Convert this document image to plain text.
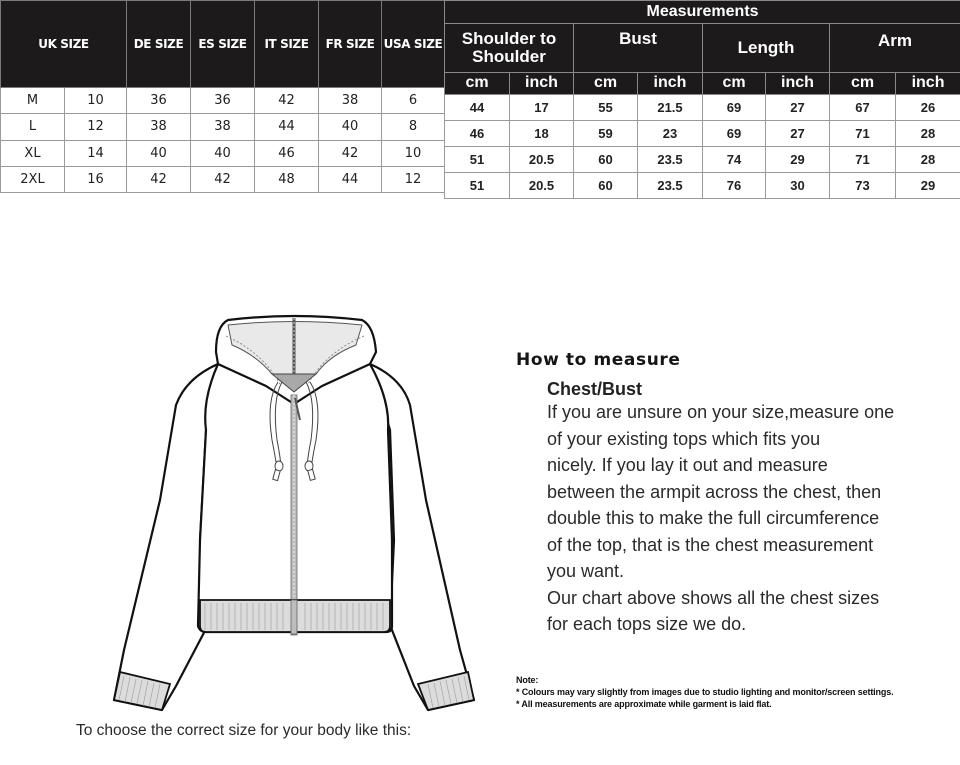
UK SIZE		DE SIZE	ES SIZE	IT SIZE	FR SIZE	USA SIZE
M	10	36	36	42	38	6
L	12	38	38	44	40	8
XL	14	40	40	46	42	10
2XL	16	42	42	48	44	12
Measurements							

Shoulder to
Shoulder		Bust		Length		Arm	
cm	inch	cm	inch	cm	inch	cm	inch
44	17	55	21.5	69	27	67	26
46	18	59	23	69	27	71	28
51	20.5	60	23.5	74	29	71	28
51	20.5	60	23.5	76	30	73	29
How to measure
Chest/Bust
If you are unsure on your size,measure one
of your existing tops which fits you
nicely. If you lay it out and measure
between the armpit across the chest, then
double this to make the full circumference
of the top, that is the chest measurement
you want.
Our chart above shows all the chest sizes
for each tops size we do.
Note:
* Colours may vary slightly from images due to studio lighting and monitor/screen settings.
* All measurements are approximate while garment is laid flat.
To choose the correct size for your body like this:
